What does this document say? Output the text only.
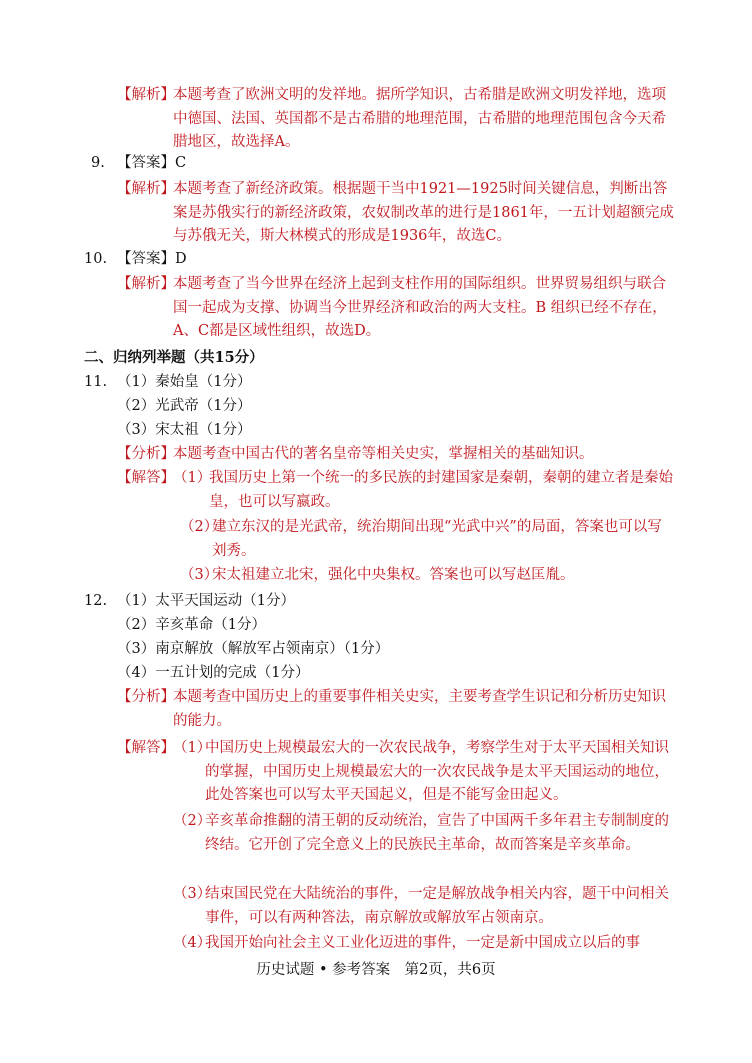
【解析】
本题考查了欧洲文明的发祥地。据所学知识，古希腊是欧洲文明发祥地，选项中德国、法国、英国都不是古希腊的地理范围，古希腊的地理范围包含今天希腊地区，故选择A。
9. 【答案】C
【解析】
本题考查了新经济政策。根据题干当中1921—1925时间关键信息，判断出答案是苏俄实行的新经济政策，农奴制改革的进行是1861年，一五计划超额完成与苏俄无关，斯大林模式的形成是1936年，故选C。
10. 【答案】D
【解析】
本题考查了当今世界在经济上起到支柱作用的国际组织。世界贸易组织与联合国一起成为支撑、协调当今世界经济和政治的两大支柱。B 组织已经不存在，A、C都是区域性组织，故选D。
二、归纳列举题（共15分）
11. （1）秦始皇（1分）
（2）光武帝（1分）
（3）宋太祖（1分）
【分析】
本题考查中国古代的著名皇帝等相关史实，掌握相关的基础知识。
【解答】
（1）
我国历史上第一个统一的多民族的封建国家是秦朝，秦朝的建立者是秦始皇，也可以写嬴政。
（2）
建立东汉的是光武帝，统治期间出现“光武中兴”的局面，答案也可以写刘秀。
（3）
宋太祖建立北宋，强化中央集权。答案也可以写赵匡胤。
12. （1）太平天国运动（1分）
（2）辛亥革命（1分）
（3）南京解放（解放军占领南京）（1分）
（4）一五计划的完成（1分）
【分析】
本题考查中国历史上的重要事件相关史实，主要考查学生识记和分析历史知识的能力。
【解答】
（1）
中国历史上规模最宏大的一次农民战争，考察学生对于太平天国相关知识的掌握，中国历史上规模最宏大的一次农民战争是太平天国运动的地位，此处答案也可以写太平天国起义，但是不能写金田起义。
（2）
辛亥革命推翻的清王朝的反动统治，宣告了中国两千多年君主专制制度的终结。它开创了完全意义上的民族民主革命，故而答案是辛亥革命。
（3）
结束国民党在大陆统治的事件，一定是解放战争相关内容，题干中问相关事件，可以有两种答法，南京解放或解放军占领南京。
（4）
我国开始向社会主义工业化迈进的事件，一定是新中国成立以后的事
历史试题 • 参考答案　第2页，共6页
